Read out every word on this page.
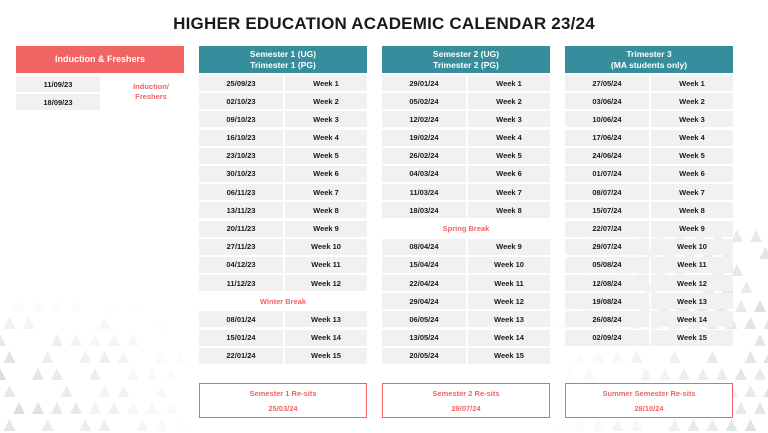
HIGHER EDUCATION ACADEMIC CALENDAR 23/24
Induction & Freshers
11/09/23
18/09/23
Induction/
Freshers
Semester 1 (UG)
Trimester 1 (PG)
25/09/23	Week 1
02/10/23	Week 2
09/10/23	Week 3
16/10/23	Week 4
23/10/23	Week 5
30/10/23	Week 6
06/11/23	Week 7
13/11/23	Week 8
20/11/23	Week 9
27/11/23	Week 10
04/12/23	Week 11
11/12/23	Week 12
Winter Break
08/01/24	Week 13
15/01/24	Week 14
22/01/24	Week 15
Semester 2 (UG)
Trimester 2 (PG)
29/01/24	Week 1
05/02/24	Week 2
12/02/24	Week 3
19/02/24	Week 4
26/02/24	Week 5
04/03/24	Week 6
11/03/24	Week 7
18/03/24	Week 8
Spring Break
08/04/24	Week 9
15/04/24	Week 10
22/04/24	Week 11
29/04/24	Week 12
06/05/24	Week 13
13/05/24	Week 14
20/05/24	Week 15
Trimester 3
(MA students only)
27/05/24	Week 1
03/06/24	Week 2
10/06/24	Week 3
17/06/24	Week 4
24/06/24	Week 5
01/07/24	Week 6
08/07/24	Week 7
15/07/24	Week 8
22/07/24	Week 9
29/07/24	Week 10
05/08/24	Week 11
12/08/24	Week 12
19/08/24	Week 13
26/08/24	Week 14
02/09/24	Week 15
Semester 1 Re-sits
25/03/24
Semester 2 Re-sits
29/07/24
Summer Semester Re-sits
28/10/24
